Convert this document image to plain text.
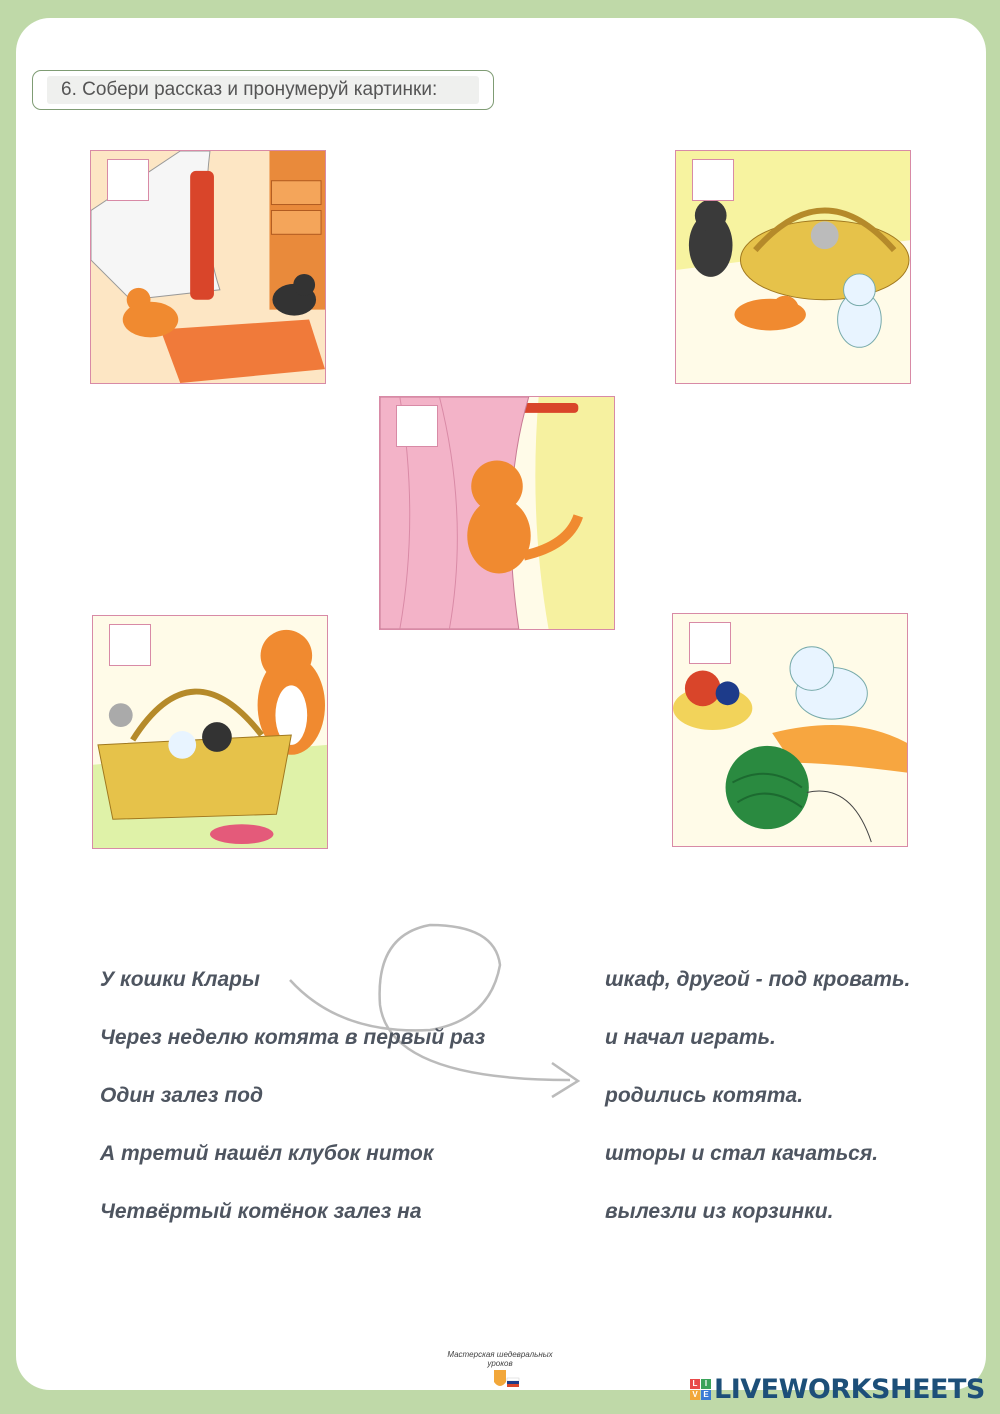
6. Собери рассказ и пронумеруй картинки:
У кошки Клары
Через неделю котята в первый раз
Один залез под
А третий нашёл клубок ниток
Четвёртый котёнок залез на
шкаф, другой - под кровать.
и начал играть.
родились котята.
шторы и стал качаться.
вылезли из корзинки.
Мастерская шедевральных уроков
L I
V E LIVEWORKSHEETS
